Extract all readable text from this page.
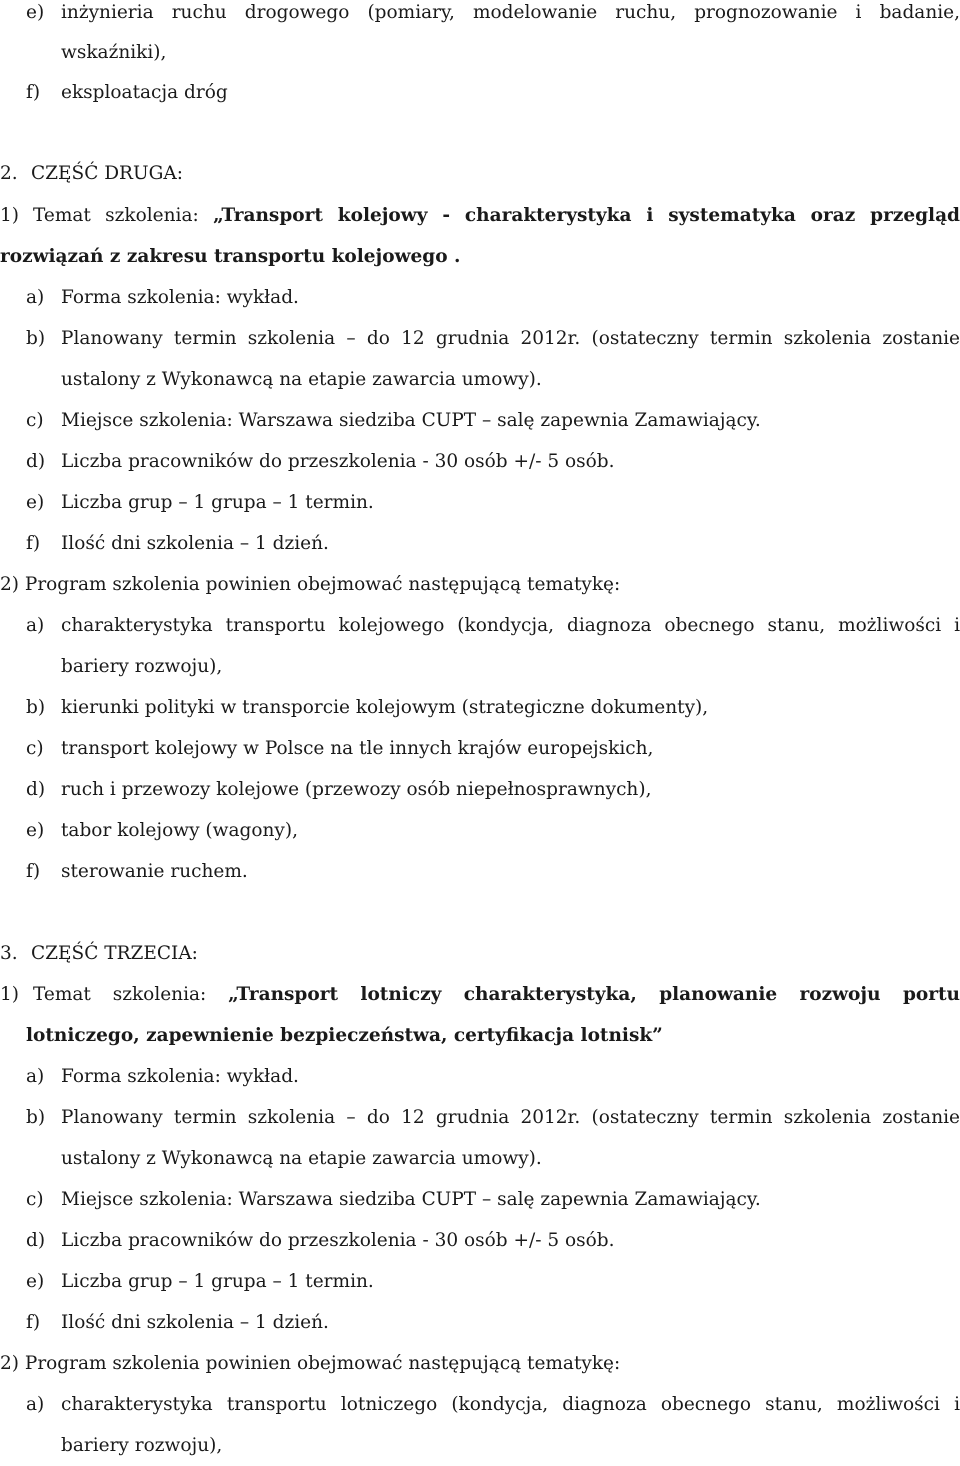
e) inżynieria ruchu drogowego (pomiary, modelowanie ruchu, prognozowanie i badanie,
wskaźniki),
f) eksploatacja dróg
2. CZĘŚĆ DRUGA:
1) Temat szkolenia: „Transport kolejowy - charakterystyka i systematyka oraz przegląd
rozwiązań z zakresu transportu kolejowego .
a) Forma szkolenia: wykład.
b) Planowany termin szkolenia – do 12 grudnia 2012r. (ostateczny termin szkolenia zostanie
ustalony z Wykonawcą na etapie zawarcia umowy).
c) Miejsce szkolenia: Warszawa siedziba CUPT – salę zapewnia Zamawiający.
d) Liczba pracowników do przeszkolenia - 30 osób +/- 5 osób.
e) Liczba grup – 1 grupa – 1 termin.
f) Ilość dni szkolenia – 1 dzień.
2) Program szkolenia powinien obejmować następującą tematykę:
a) charakterystyka transportu kolejowego (kondycja, diagnoza obecnego stanu, możliwości i
bariery rozwoju),
b) kierunki polityki w transporcie kolejowym (strategiczne dokumenty),
c) transport kolejowy w Polsce na tle innych krajów europejskich,
d) ruch i przewozy kolejowe (przewozy osób niepełnosprawnych),
e) tabor kolejowy (wagony),
f) sterowanie ruchem.
3. CZĘŚĆ TRZECIA:
1) Temat szkolenia: „Transport lotniczy charakterystyka, planowanie rozwoju portu
lotniczego, zapewnienie bezpieczeństwa, certyfikacja lotnisk”
a) Forma szkolenia: wykład.
b) Planowany termin szkolenia – do 12 grudnia 2012r. (ostateczny termin szkolenia zostanie
ustalony z Wykonawcą na etapie zawarcia umowy).
c) Miejsce szkolenia: Warszawa siedziba CUPT – salę zapewnia Zamawiający.
d) Liczba pracowników do przeszkolenia - 30 osób +/- 5 osób.
e) Liczba grup – 1 grupa – 1 termin.
f) Ilość dni szkolenia – 1 dzień.
2) Program szkolenia powinien obejmować następującą tematykę:
a) charakterystyka transportu lotniczego (kondycja, diagnoza obecnego stanu, możliwości i
bariery rozwoju),
